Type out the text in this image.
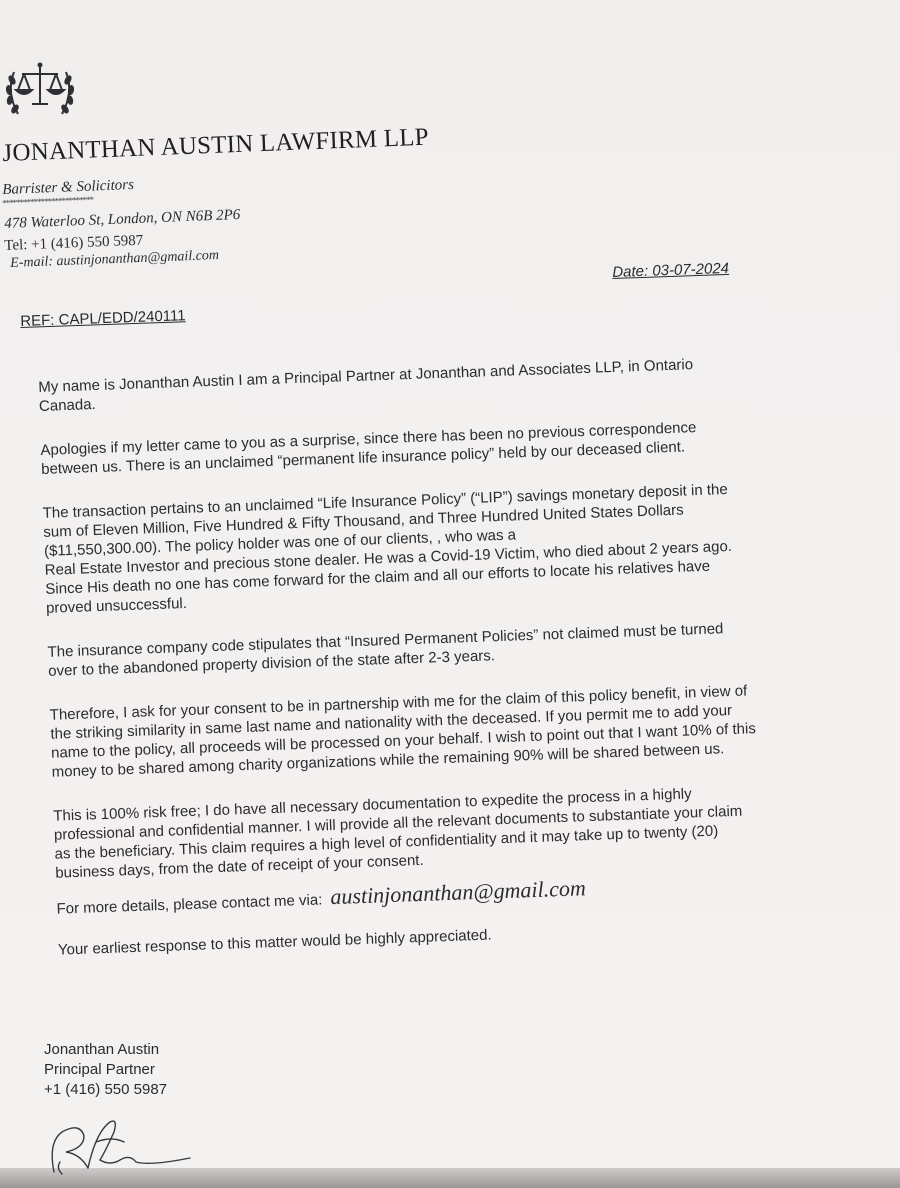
JONANTHAN AUSTIN LAWFIRM LLP
Barrister & Solicitors
**************************
478 Waterloo St, London, ON N6B 2P6
Tel: +1 (416) 550 5987
E-mail: austinjonanthan@gmail.com	Date: 03-07-2024
REF: CAPL/EDD/240111

My name is Jonanthan Austin I am a Principal Partner at Jonanthan and Associates LLP, in Ontario
Canada.

Apologies if my letter came to you as a surprise, since there has been no previous correspondence
between us. There is an unclaimed “permanent life insurance policy” held by our deceased client.

The transaction pertains to an unclaimed “Life Insurance Policy” (“LIP”) savings monetary deposit in the
sum of Eleven Million, Five Hundred & Fifty Thousand, and Three Hundred United States Dollars
($11,550,300.00). The policy holder was one of our clients, , who was a
Real Estate Investor and precious stone dealer. He was a Covid-19 Victim, who died about 2 years ago.
Since His death no one has come forward for the claim and all our efforts to locate his relatives have
proved unsuccessful.

The insurance company code stipulates that “Insured Permanent Policies” not claimed must be turned
over to the abandoned property division of the state after 2-3 years.

Therefore, I ask for your consent to be in partnership with me for the claim of this policy benefit, in view of
the striking similarity in same last name and nationality with the deceased. If you permit me to add your
name to the policy, all proceeds will be processed on your behalf. I wish to point out that I want 10% of this
money to be shared among charity organizations while the remaining 90% will be shared between us.

This is 100% risk free; I do have all necessary documentation to expedite the process in a highly
professional and confidential manner. I will provide all the relevant documents to substantiate your claim
as the beneficiary. This claim requires a high level of confidentiality and it may take up to twenty (20)
business days, from the date of receipt of your consent.

For more details, please contact me via: austinjonanthan@gmail.com
Your earliest response to this matter would be highly appreciated.
Jonanthan Austin
Principal Partner
+1 (416) 550 5987
